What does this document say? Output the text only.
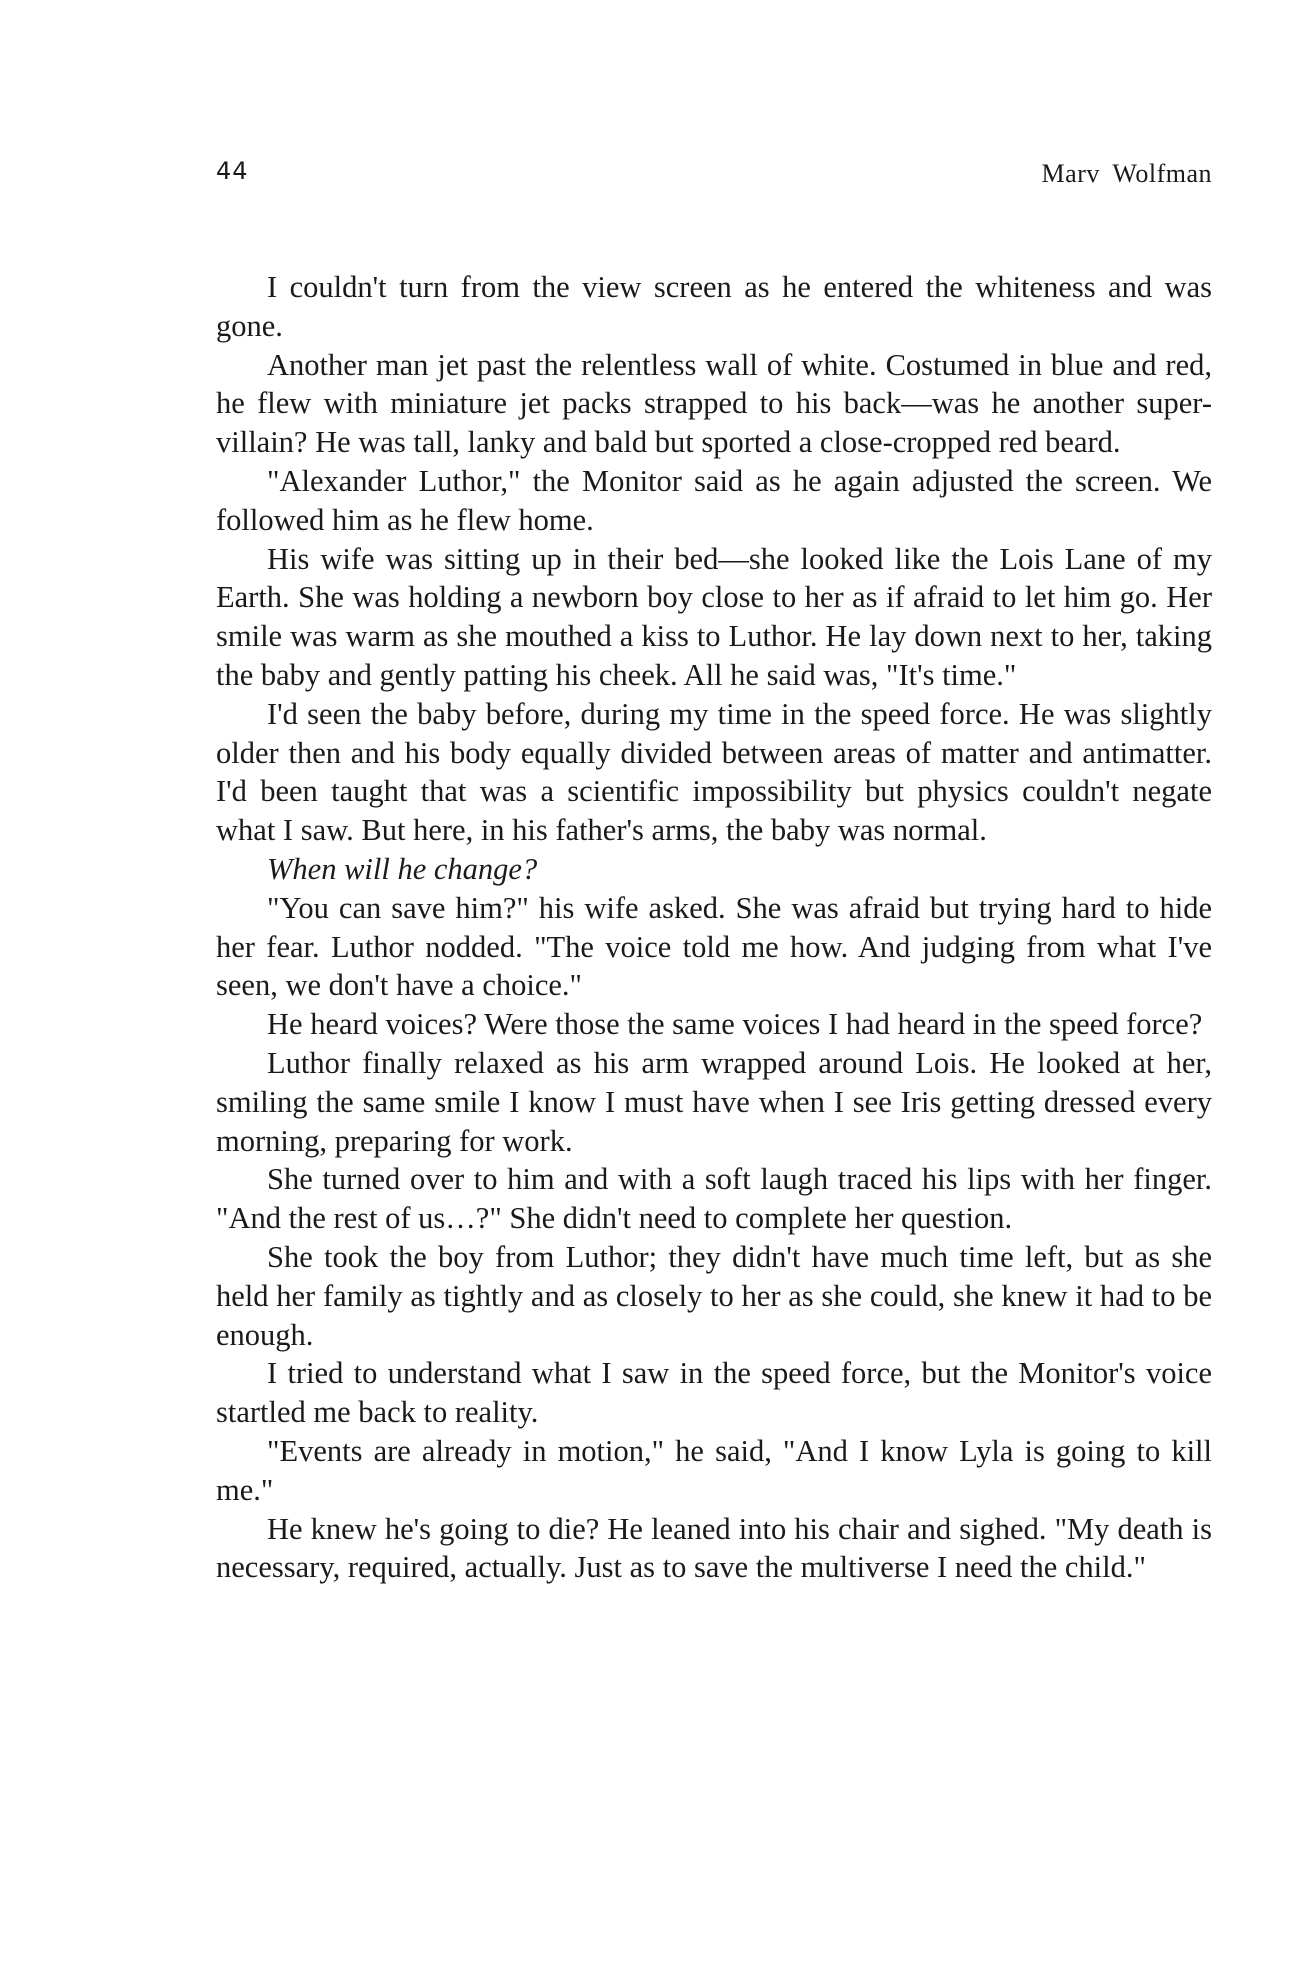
44	Marv Wolfman

I couldn't turn from the view screen as he entered the whiteness and was gone.

Another man jet past the relentless wall of white. Costumed in blue and red, he flew with miniature jet packs strapped to his back—was he another super-villain? He was tall, lanky and bald but sported a close-cropped red beard.

"Alexander Luthor," the Monitor said as he again adjusted the screen. We followed him as he flew home.

His wife was sitting up in their bed—she looked like the Lois Lane of my Earth. She was holding a newborn boy close to her as if afraid to let him go. Her smile was warm as she mouthed a kiss to Luthor. He lay down next to her, taking the baby and gently patting his cheek. All he said was, "It's time."

I'd seen the baby before, during my time in the speed force. He was slightly older then and his body equally divided between areas of matter and antimatter. I'd been taught that was a scientific impossibility but physics couldn't negate what I saw. But here, in his father's arms, the baby was normal.

When will he change?

"You can save him?" his wife asked. She was afraid but trying hard to hide her fear. Luthor nodded. "The voice told me how. And judging from what I've seen, we don't have a choice."

He heard voices? Were those the same voices I had heard in the speed force?

Luthor finally relaxed as his arm wrapped around Lois. He looked at her, smiling the same smile I know I must have when I see Iris getting dressed every morning, preparing for work.

She turned over to him and with a soft laugh traced his lips with her finger. "And the rest of us…?" She didn't need to complete her question.

She took the boy from Luthor; they didn't have much time left, but as she held her family as tightly and as closely to her as she could, she knew it had to be enough.

I tried to understand what I saw in the speed force, but the Monitor's voice startled me back to reality.

"Events are already in motion," he said, "And I know Lyla is going to kill me."

He knew he's going to die? He leaned into his chair and sighed. "My death is necessary, required, actually. Just as to save the multiverse I need the child."
